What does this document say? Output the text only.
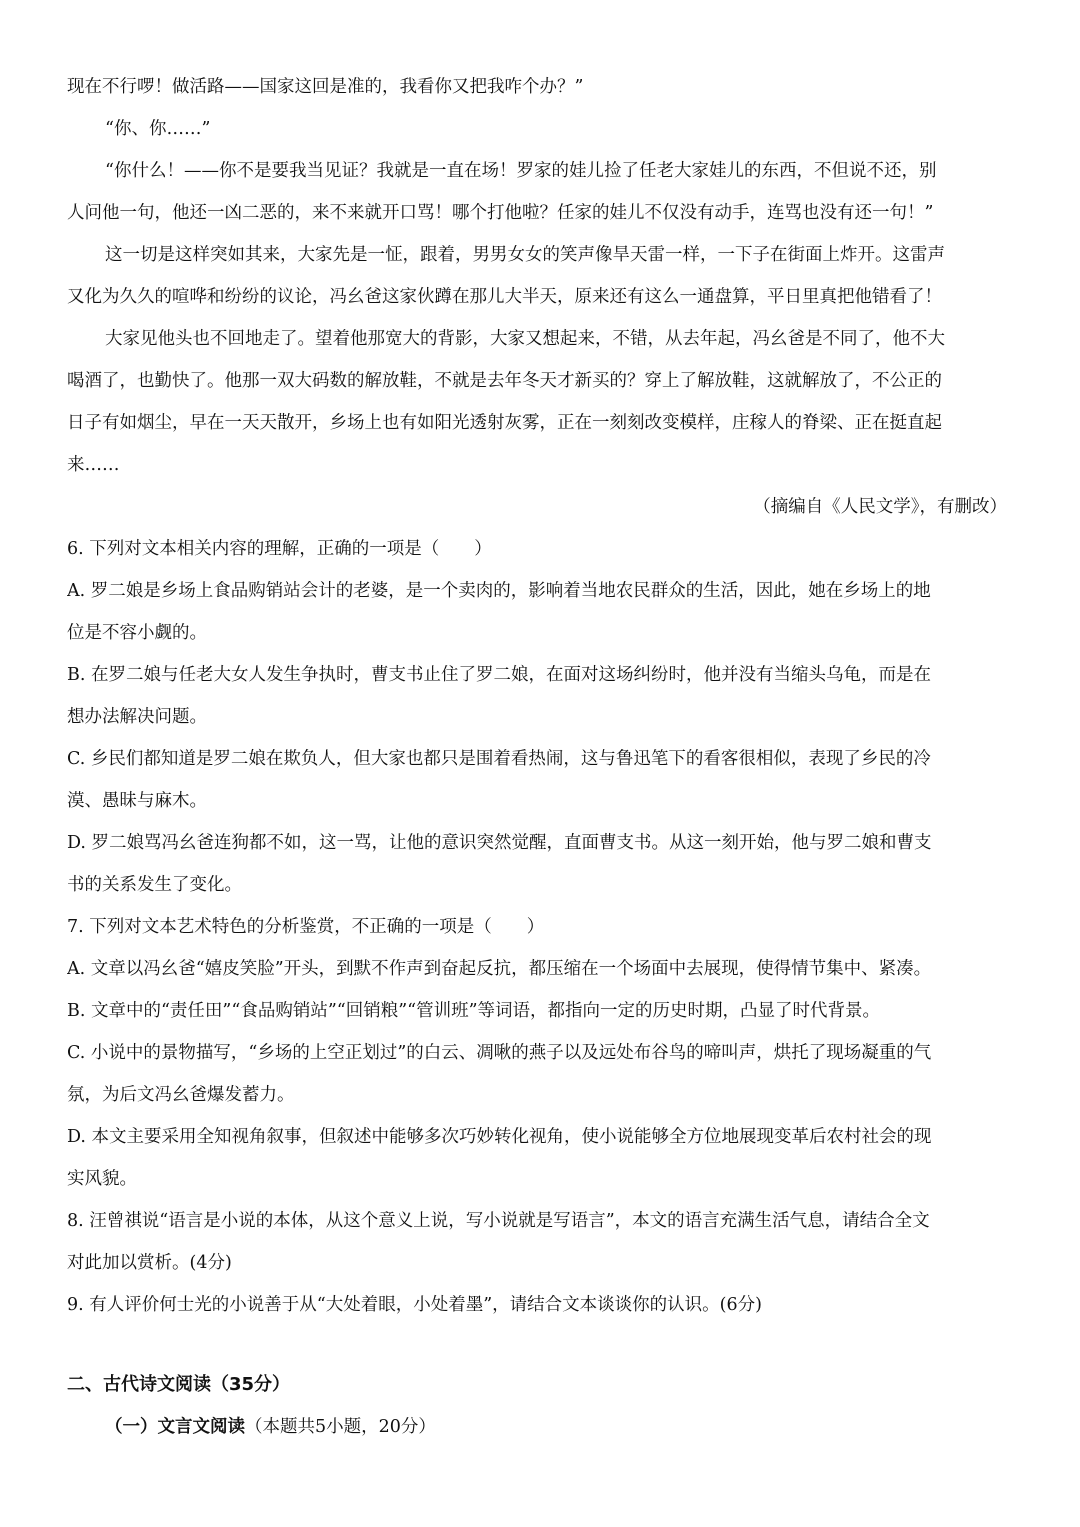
现在不行啰！做活路——国家这回是准的，我看你又把我咋个办？”
“你、你……”
“你什么！——你不是要我当见证？我就是一直在场！罗家的娃儿捡了任老大家娃儿的东西，不但说不还，别
人问他一句，他还一凶二恶的，来不来就开口骂！哪个打他啦？任家的娃儿不仅没有动手，连骂也没有还一句！”
这一切是这样突如其来，大家先是一怔，跟着，男男女女的笑声像旱天雷一样，一下子在街面上炸开。这雷声
又化为久久的喧哗和纷纷的议论，冯幺爸这家伙蹲在那儿大半天，原来还有这么一通盘算，平日里真把他错看了！
大家见他头也不回地走了。望着他那宽大的背影，大家又想起来，不错，从去年起，冯幺爸是不同了，他不大
喝酒了，也勤快了。他那一双大码数的解放鞋，不就是去年冬天才新买的？穿上了解放鞋，这就解放了，不公正的
日子有如烟尘，早在一天天散开，乡场上也有如阳光透射灰雾，正在一刻刻改变模样，庄稼人的脊梁、正在挺直起
来……
（摘编自《人民文学》，有删改）
6. 下列对文本相关内容的理解，正确的一项是（　　）
A. 罗二娘是乡场上食品购销站会计的老婆，是一个卖肉的，影响着当地农民群众的生活，因此，她在乡场上的地
位是不容小觑的。
B. 在罗二娘与任老大女人发生争执时，曹支书止住了罗二娘，在面对这场纠纷时，他并没有当缩头乌龟，而是在
想办法解决问题。
C. 乡民们都知道是罗二娘在欺负人，但大家也都只是围着看热闹，这与鲁迅笔下的看客很相似，表现了乡民的冷
漠、愚昧与麻木。
D. 罗二娘骂冯幺爸连狗都不如，这一骂，让他的意识突然觉醒，直面曹支书。从这一刻开始，他与罗二娘和曹支
书的关系发生了变化。
7. 下列对文本艺术特色的分析鉴赏，不正确的一项是（　　）
A. 文章以冯幺爸“嬉皮笑脸”开头，到默不作声到奋起反抗，都压缩在一个场面中去展现，使得情节集中、紧凑。
B. 文章中的“责任田”“食品购销站”“回销粮”“管训班”等词语，都指向一定的历史时期，凸显了时代背景。
C. 小说中的景物描写，“乡场的上空正划过”的白云、凋啾的燕子以及远处布谷鸟的啼叫声，烘托了现场凝重的气
氛，为后文冯幺爸爆发蓄力。
D. 本文主要采用全知视角叙事，但叙述中能够多次巧妙转化视角，使小说能够全方位地展现变革后农村社会的现
实风貌。
8. 汪曾祺说“语言是小说的本体，从这个意义上说，写小说就是写语言”，本文的语言充满生活气息，请结合全文
对此加以赏析。(4分)
9. 有人评价何士光的小说善于从“大处着眼，小处着墨”，请结合文本谈谈你的认识。(6分)
二、古代诗文阅读（35分）
（一）文言文阅读（本题共5小题，20分）
